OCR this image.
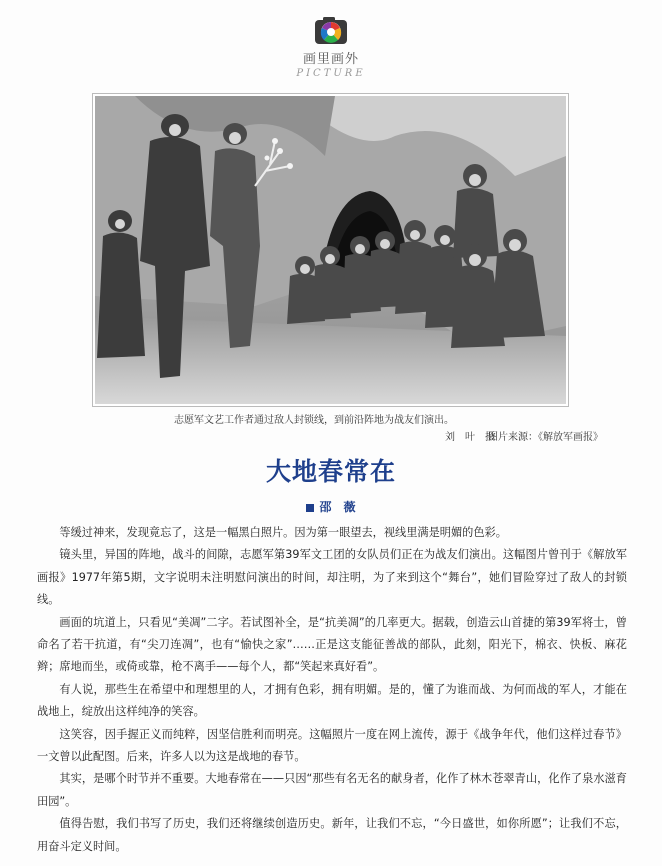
画里画外
PICTURE
志愿军文艺工作者通过敌人封锁线，到前沿阵地为战友们演出。
刘　叶　摄
图片来源：《解放军画报》
大地春常在
邵　薇

等缓过神来，发现竟忘了，这是一幅黑白照片。因为第一眼望去，视线里满是明媚的色彩。

镜头里，异国的阵地，战斗的间隙，志愿军第39军文工团的女队员们正在为战友们演出。这幅图片曾刊于《解放军画报》1977年第5期，文字说明未注明慰问演出的时间，却注明，为了来到这个“舞台”，她们冒险穿过了敌人的封锁线。

画面的坑道上，只看见“美凋”二字。若试图补全，是“抗美凋”的几率更大。据载，创造云山首捷的第39军将士，曾命名了若干抗道，有“尖刀连凋”，也有“愉快之家”……正是这支能征善战的部队，此刻，阳光下，棉衣、快板、麻花辫；席地而坐，或倚或靠，枪不离手——每个人，都“笑起来真好看”。

有人说，那些生在希望中和理想里的人，才拥有色彩，拥有明媚。是的，懂了为谁而战、为何而战的军人，才能在战地上，绽放出这样纯净的笑容。

这笑容，因手握正义而纯粹，因坚信胜利而明亮。这幅照片一度在网上流传，源于《战争年代，他们这样过春节》一文曾以此配图。后来，许多人以为这是战地的春节。

其实，是哪个时节并不重要。大地春常在——只因“那些有名无名的献身者，化作了林木苍翠青山，化作了泉水滋育田园”。

值得告慰，我们书写了历史，我们还将继续创造历史。新年，让我们不忘，“今日盛世，如你所愿”；让我们不忘，用奋斗定义时间。
